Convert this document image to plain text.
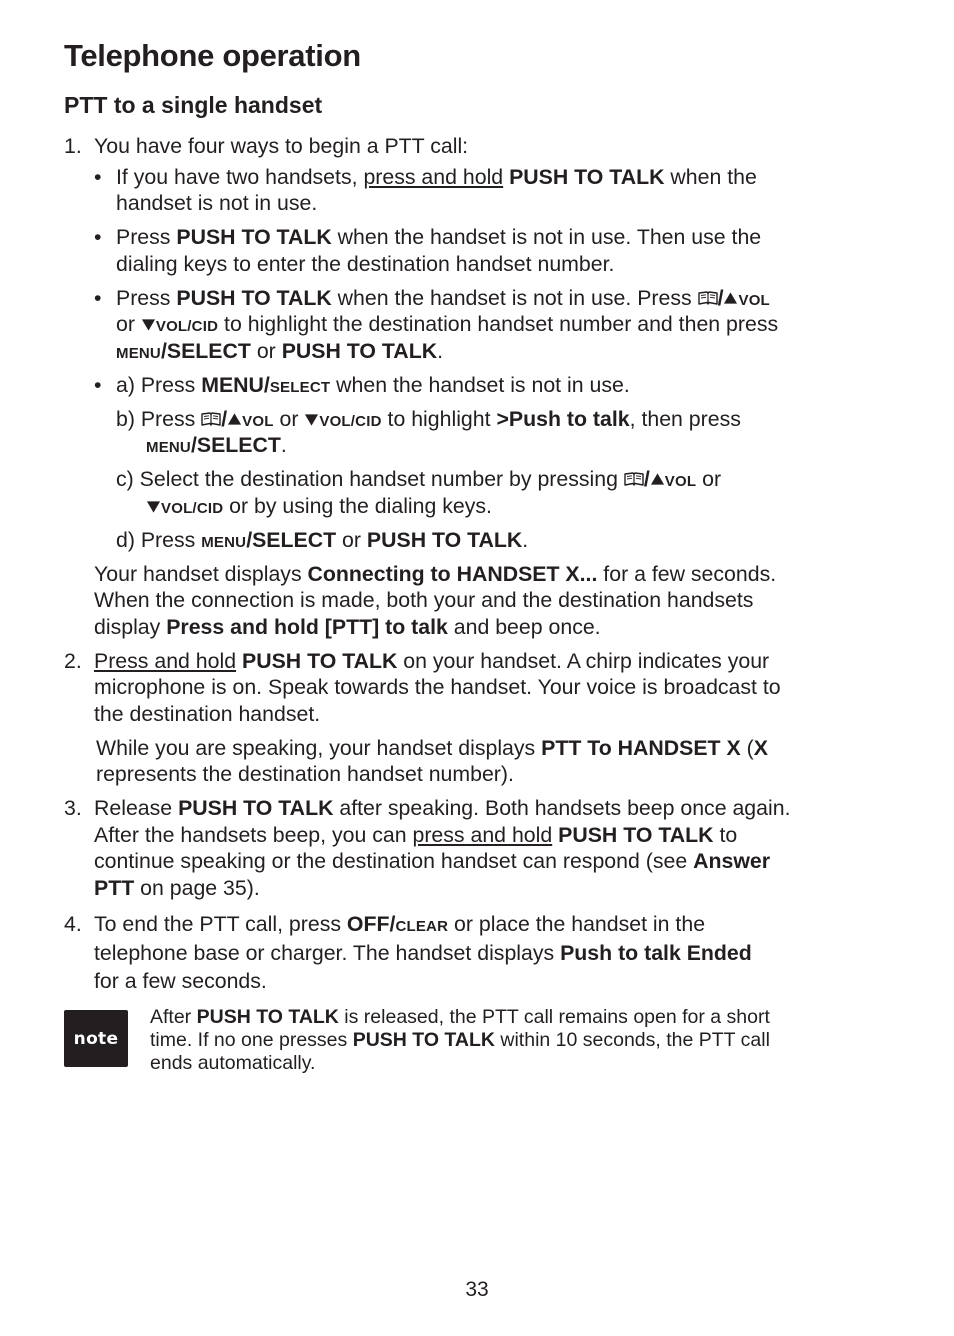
Telephone operation
PTT to a single handset
1. You have four ways to begin a PTT call:
• If you have two handsets, press and hold PUSH TO TALK when the
handset is not in use.
• Press PUSH TO TALK when the handset is not in use. Then use the
dialing keys to enter the destination handset number.
• Press PUSH TO TALK when the handset is not in use. Press / VOL
or VOL/CID to highlight the destination handset number and then press
MENU/SELECT or PUSH TO TALK.
• a) Press MENU/SELECT when the handset is not in use.
b) Press / VOL or VOL/CID to highlight >Push to talk, then press
MENU/SELECT.
c) Select the destination handset number by pressing / VOL or
VOL/CID or by using the dialing keys.
d) Press MENU/SELECT or PUSH TO TALK.
Your handset displays Connecting to HANDSET X... for a few seconds.
When the connection is made, both your and the destination handsets
display Press and hold [PTT] to talk and beep once.
2. Press and hold PUSH TO TALK on your handset. A chirp indicates your
microphone is on. Speak towards the handset. Your voice is broadcast to
the destination handset.
While you are speaking, your handset displays PTT To HANDSET X (X
represents the destination handset number).
3. Release PUSH TO TALK after speaking. Both handsets beep once again.
After the handsets beep, you can press and hold PUSH TO TALK to
continue speaking or the destination handset can respond (see Answer
PTT on page 35).
4. To end the PTT call, press OFF/CLEAR or place the handset in the
telephone base or charger. The handset displays Push to talk Ended
for a few seconds.
note
After PUSH TO TALK is released, the PTT call remains open for a short
time. If no one presses PUSH TO TALK within 10 seconds, the PTT call
ends automatically.
33
